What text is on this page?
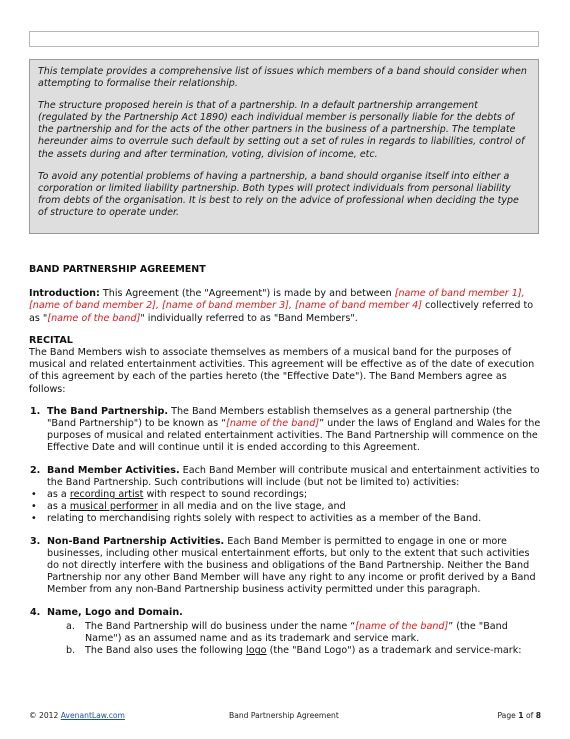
This template provides a comprehensive list of issues which members of a band should consider when attempting to formalise their relationship.

The structure proposed herein is that of a partnership. In a default partnership arrangement (regulated by the Partnership Act 1890) each individual member is personally liable for the debts of the partnership and for the acts of the other partners in the business of a partnership. The template hereunder aims to overrule such default by setting out a set of rules in regards to liabilities, control of the assets during and after termination, voting, division of income, etc.

To avoid any potential problems of having a partnership, a band should organise itself into either a corporation or limited liability partnership. Both types will protect individuals from personal liability from debts of the organisation. It is best to rely on the advice of professional when deciding the type of structure to operate under.

BAND PARTNERSHIP AGREEMENT
Introduction: This Agreement (the "Agreement") is made by and between [name of band member 1], [name of band member 2], [name of band member 3], [name of band member 4] collectively referred to as "[name of the band]" individually referred to as "Band Members".
RECITAL
The Band Members wish to associate themselves as members of a musical band for the purposes of musical and related entertainment activities. This agreement will be effective as of the date of execution of this agreement by each of the parties hereto (the "Effective Date"). The Band Members agree as follows:
1. The Band Partnership. The Band Members establish themselves as a general partnership (the "Band Partnership") to be known as “[name of the band]” under the laws of England and Wales for the purposes of musical and related entertainment activities. The Band Partnership will commence on the Effective Date and will continue until it is ended according to this Agreement.
2. Band Member Activities. Each Band Member will contribute musical and entertainment activities to the Band Partnership. Such contributions will include (but not be limited to) activities:
• as a recording artist with respect to sound recordings;
• as a musical performer in all media and on the live stage, and
• relating to merchandising rights solely with respect to activities as a member of the Band.
3. Non-Band Partnership Activities. Each Band Member is permitted to engage in one or more businesses, including other musical entertainment efforts, but only to the extent that such activities do not directly interfere with the business and obligations of the Band Partnership. Neither the Band Partnership nor any other Band Member will have any right to any income or profit derived by a Band Member from any non-Band Partnership business activity permitted under this paragraph.
4. Name, Logo and Domain.
a. The Band Partnership will do business under the name “[name of the band]” (the "Band Name") as an assumed name and as its trademark and service mark.
b. The Band also uses the following logo (the "Band Logo") as a trademark and service-mark:
© 2012 AvenantLaw.com	Band Partnership Agreement	Page 1 of 8
